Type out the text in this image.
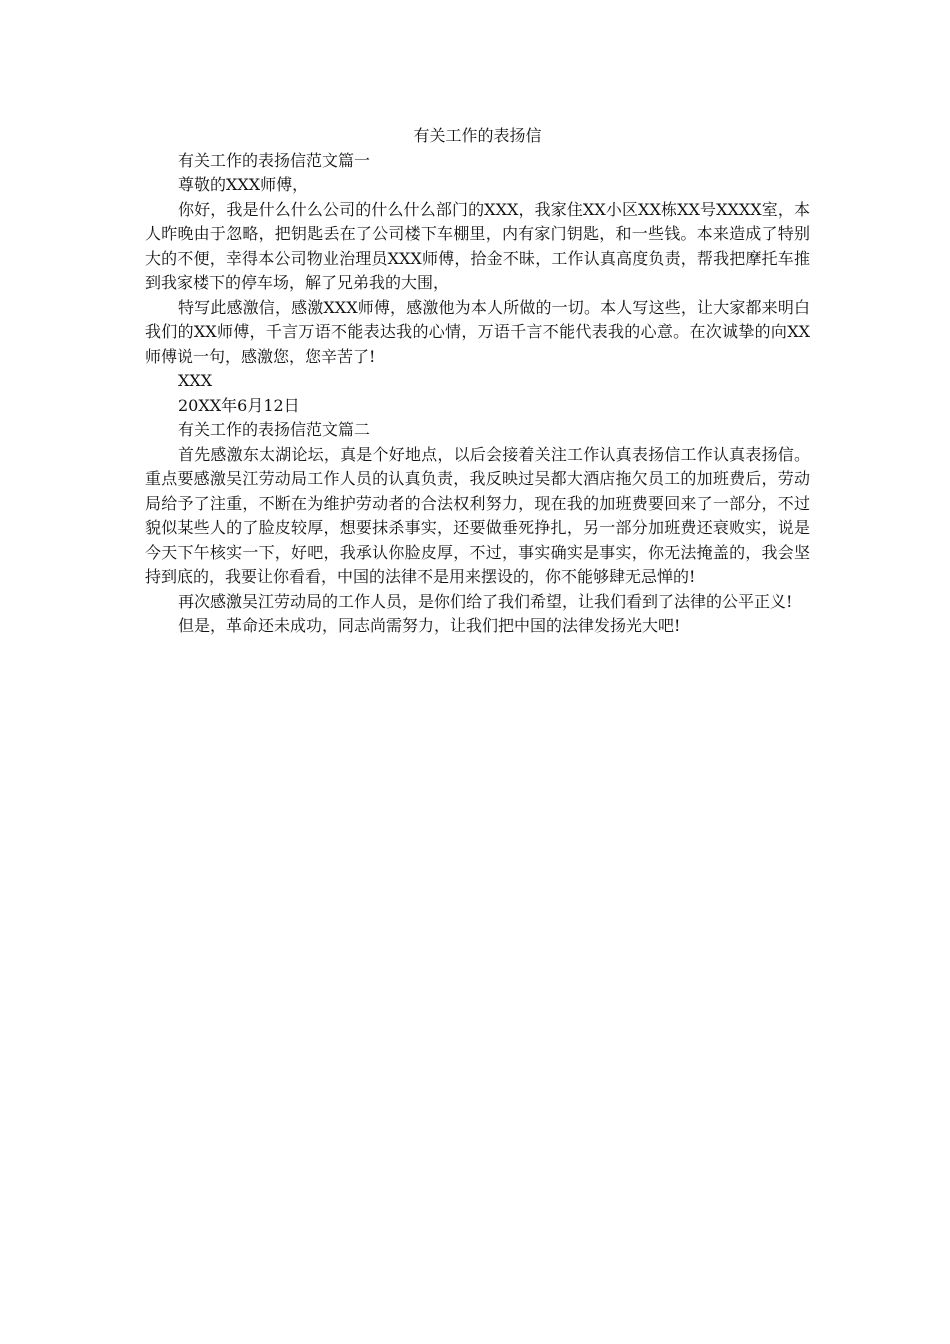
有关工作的表扬信

有关工作的表扬信范文篇一

尊敬的XXX师傅，

你好，我是什么什么公司的什么什么部门的XXX，我家住XX小区XX栋XX号XXXX室，本人昨晚由于忽略，把钥匙丢在了公司楼下车棚里，内有家门钥匙，和一些钱。本来造成了特别大的不便，幸得本公司物业治理员XXX师傅，拾金不昧，工作认真高度负责，帮我把摩托车推到我家楼下的停车场，解了兄弟我的大围，

特写此感激信，感激XXX师傅，感激他为本人所做的一切。本人写这些，让大家都来明白我们的XX师傅，千言万语不能表达我的心情，万语千言不能代表我的心意。在次诚挚的向XX师傅说一句，感激您，您辛苦了!

XXX

20XX年6月12日

有关工作的表扬信范文篇二

首先感激东太湖论坛，真是个好地点，以后会接着关注工作认真表扬信工作认真表扬信。重点要感激吴江劳动局工作人员的认真负责，我反映过吴都大酒店拖欠员工的加班费后，劳动局给予了注重，不断在为维护劳动者的合法权利努力，现在我的加班费要回来了一部分，不过貌似某些人的了脸皮较厚，想要抹杀事实，还要做垂死挣扎，另一部分加班费还衰败实，说是今天下午核实一下，好吧，我承认你脸皮厚，不过，事实确实是事实，你无法掩盖的，我会坚持到底的，我要让你看看，中国的法律不是用来摆设的，你不能够肆无忌惮的!

再次感激吴江劳动局的工作人员，是你们给了我们希望，让我们看到了法律的公平正义!

但是，革命还未成功，同志尚需努力，让我们把中国的法律发扬光大吧!
